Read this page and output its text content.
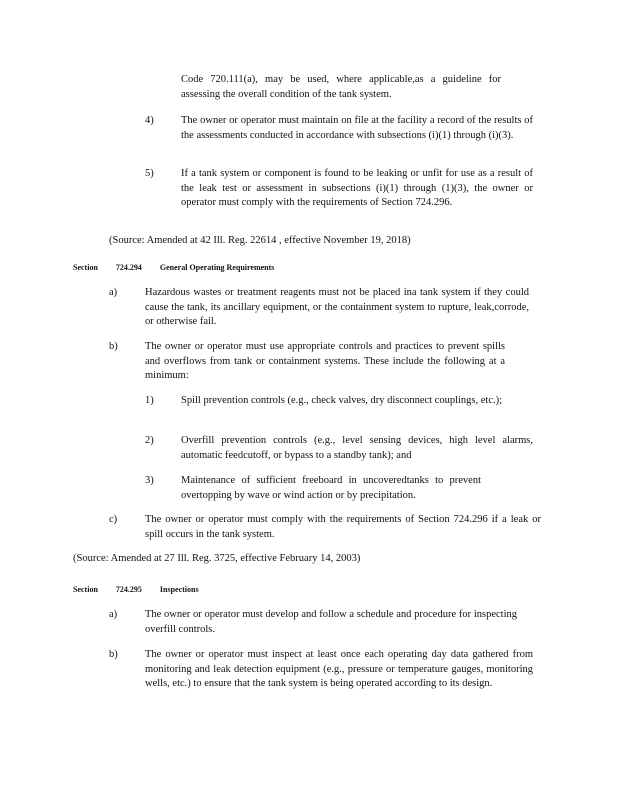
Code 720.111(a), may be used, where applicable,as a guideline for assessing the overall condition of the tank system.
4)	The owner or operator must maintain on file at the facility a record of the results of the assessments conducted in accordance with subsections (i)(1) through (i)(3).
5)	If a tank system or component is found to be leaking or unfit for use as a result of the leak test or assessment in subsections (i)(1) through (1)(3), the owner or operator must comply with the requirements of Section 724.296.
(Source: Amended at 42 Ill. Reg. 22614 , effective November 19, 2018)
Section 724.294 General Operating Requirements
a)	Hazardous wastes or treatment reagents must not be placed ina tank system if they could cause the tank, its ancillary equipment, or the containment system to rupture, leak,corrode, or otherwise fail.
b)	The owner or operator must use appropriate controls and practices to prevent spills and overflows from tank or containment systems. These include the following at a minimum:
1)	Spill prevention controls (e.g., check valves, dry disconnect couplings, etc.);
2)	Overfill prevention controls (e.g., level sensing devices, high level alarms, automatic feedcutoff, or bypass to a standby tank); and
3)	Maintenance of sufficient freeboard in uncoveredtanks to prevent overtopping by wave or wind action or by precipitation.
c)	The owner or operator must comply with the requirements of Section 724.296 if a leak or spill occurs in the tank system.
(Source: Amended at 27 Ill. Reg. 3725, effective February 14, 2003)
Section 724.295 Inspections
a)	The owner or operator must develop and follow a schedule and procedure for inspecting overfill controls.
b)	The owner or operator must inspect at least once each operating day data gathered from monitoring and leak detection equipment (e.g., pressure or temperature gauges, monitoring wells, etc.) to ensure that the tank system is being operated according to its design.
